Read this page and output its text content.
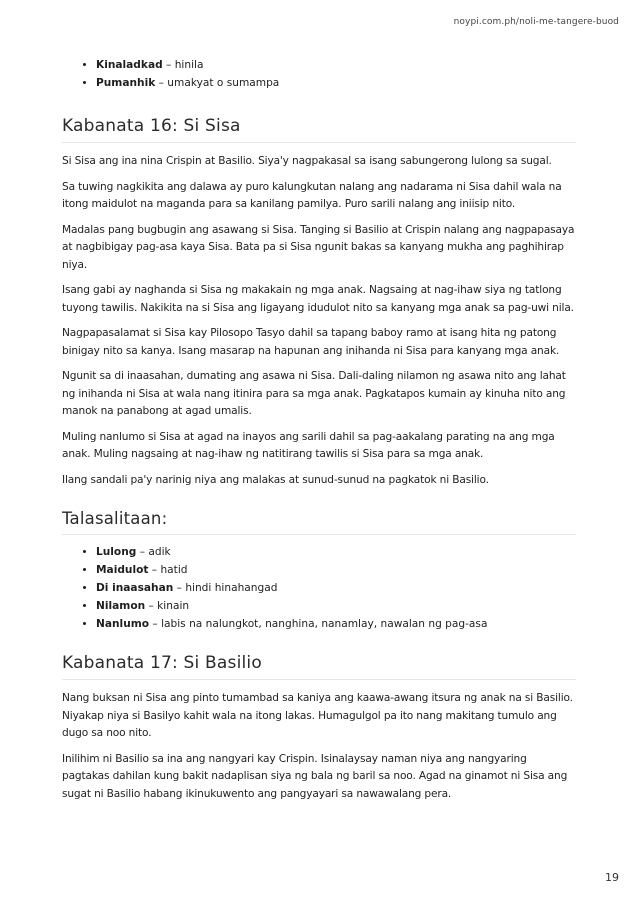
noypi.com.ph/noli-me-tangere-buod
• Kinaladkad – hinila
• Pumanhik – umakyat o sumampa
Kabanata 16: Si Sisa

Si Sisa ang ina nina Crispin at Basilio. Siya'y nagpakasal sa isang sabungerong lulong sa sugal.

Sa tuwing nagkikita ang dalawa ay puro kalungkutan nalang ang nadarama ni Sisa dahil wala na itong maidulot na maganda para sa kanilang pamilya. Puro sarili nalang ang iniisip nito.

Madalas pang bugbugin ang asawang si Sisa. Tanging si Basilio at Crispin nalang ang nagpapasaya at nagbibigay pag-asa kaya Sisa. Bata pa si Sisa ngunit bakas sa kanyang mukha ang paghihirap niya.

Isang gabi ay naghanda si Sisa ng makakain ng mga anak. Nagsaing at nag-ihaw siya ng tatlong tuyong tawilis. Nakikita na si Sisa ang ligayang idudulot nito sa kanyang mga anak sa pag-uwi nila.

Nagpapasalamat si Sisa kay Pilosopo Tasyo dahil sa tapang baboy ramo at isang hita ng patong binigay nito sa kanya. Isang masarap na hapunan ang inihanda ni Sisa para kanyang mga anak.

Ngunit sa di inaasahan, dumating ang asawa ni Sisa. Dali-daling nilamon ng asawa nito ang lahat ng inihanda ni Sisa at wala nang itinira para sa mga anak. Pagkatapos kumain ay kinuha nito ang manok na panabong at agad umalis.

Muling nanlumo si Sisa at agad na inayos ang sarili dahil sa pag-aakalang parating na ang mga anak. Muling nagsaing at nag-ihaw ng natitirang tawilis si Sisa para sa mga anak.

Ilang sandali pa'y narinig niya ang malakas at sunud-sunud na pagkatok ni Basilio.

Talasalitaan:
• Lulong – adik
• Maidulot – hatid
• Di inaasahan – hindi hinahangad
• Nilamon – kinain
• Nanlumo – labis na nalungkot, nanghina, nanamlay, nawalan ng pag-asa
Kabanata 17: Si Basilio

Nang buksan ni Sisa ang pinto tumambad sa kaniya ang kaawa-awang itsura ng anak na si Basilio. Niyakap niya si Basilyo kahit wala na itong lakas. Humagulgol pa ito nang makitang tumulo ang dugo sa noo nito.

Inilihim ni Basilio sa ina ang nangyari kay Crispin. Isinalaysay naman niya ang nangyaring pagtakas dahilan kung bakit nadaplisan siya ng bala ng baril sa noo. Agad na ginamot ni Sisa ang sugat ni Basilio habang ikinukuwento ang pangyayari sa nawawalang pera.

19
